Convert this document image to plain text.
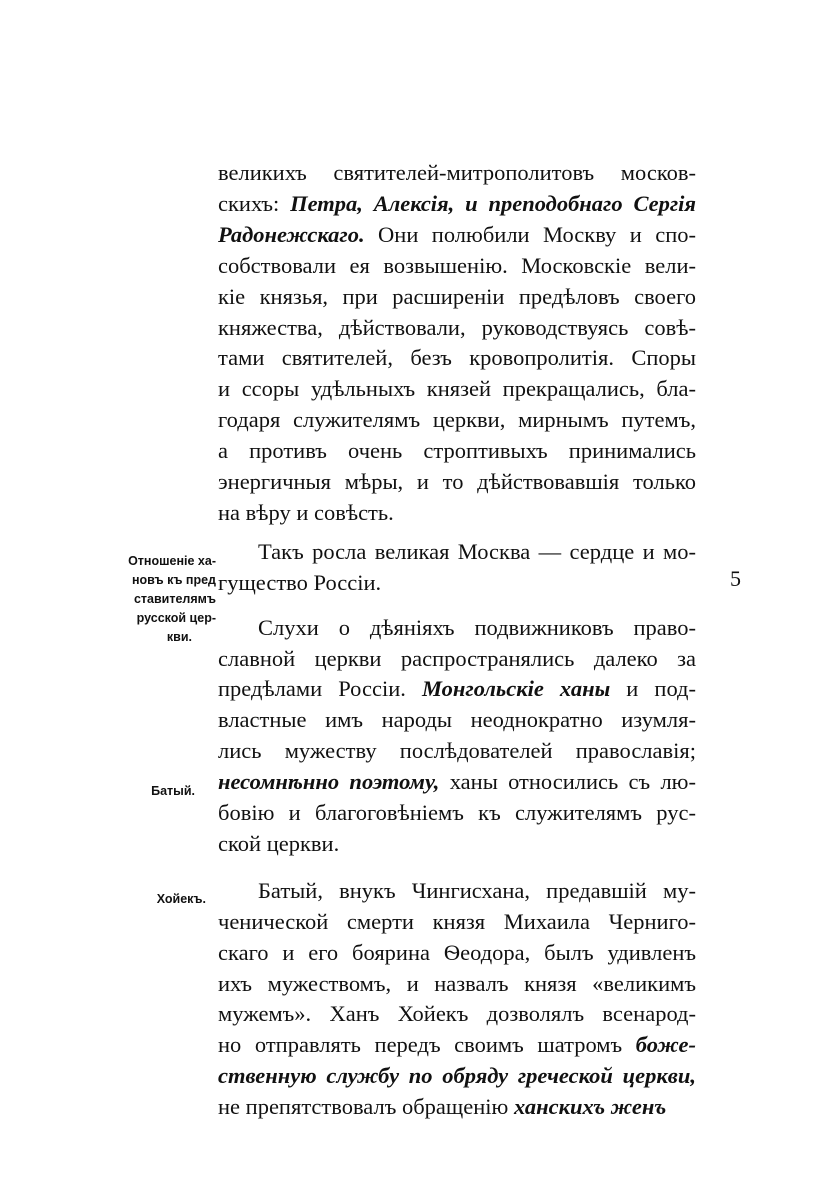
великихъ святителей-митрополитовъ москов-
скихъ: Петра, Алексія, и преподобнаго Сергія
Радонежскаго. Они полюбили Москву и спо-
собствовали ея возвышенію. Московскіе вели-
кіе князья, при расширеніи предѣловъ своего
княжества, дѣйствовали, руководствуясь совѣ-
тами святителей, безъ кровопролитія. Споры
и ссоры удѣльныхъ князей прекращались, бла-
годаря служителямъ церкви, мирнымъ путемъ,
а противъ очень строптивыхъ принимались
энергичныя мѣры, и то дѣйствовавшія только
на вѣру и совѣсть.
Такъ росла великая Москва — сердце и мо-
гущество Россіи.
Слухи о дѣяніяхъ подвижниковъ право-
славной церкви распространялись далеко за
предѣлами Россіи. Монгольскіе ханы и под-
властные имъ народы неоднократно изумля-
лись мужеству послѣдователей православія;
несомнѣнно поэтому, ханы относились съ лю-
бовію и благоговѣніемъ къ служителямъ рус-
ской церкви.
Батый, внукъ Чингисхана, предавшій му-
ченической смерти князя Михаила Черниго-
скаго и его боярина Ѳеодора, былъ удивленъ
ихъ мужествомъ, и назвалъ князя «великимъ
мужемъ». Ханъ Хойекъ дозволялъ всенарод-
но отправлять передъ своимъ шатромъ боже-
ственную службу по обряду греческой церкви,
не препятствовалъ обращенію ханскихъ женъ
Отношеніе ха-
новъ къ пред
ставителямъ
русской цер-
кви.
Батый.
Хойекъ.
5
